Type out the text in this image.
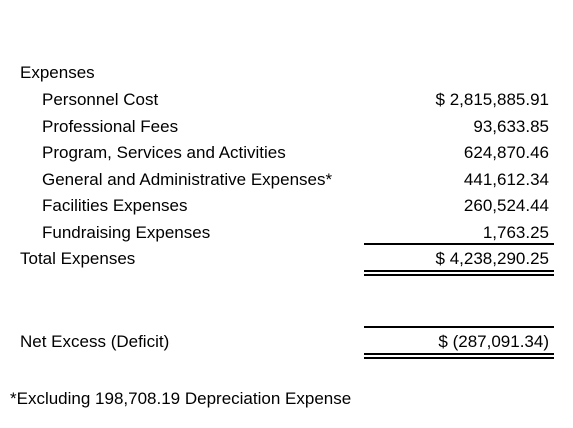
Expenses
Personnel Cost	$ 2,815,885.91
Professional Fees	93,633.85
Program, Services and Activities	624,870.46
General and Administrative Expenses*	441,612.34
Facilities Expenses	260,524.44
Fundraising Expenses	1,763.25
Total Expenses	$ 4,238,290.25
Net Excess (Deficit)	$ (287,091.34)
*Excluding 198,708.19 Depreciation Expense
